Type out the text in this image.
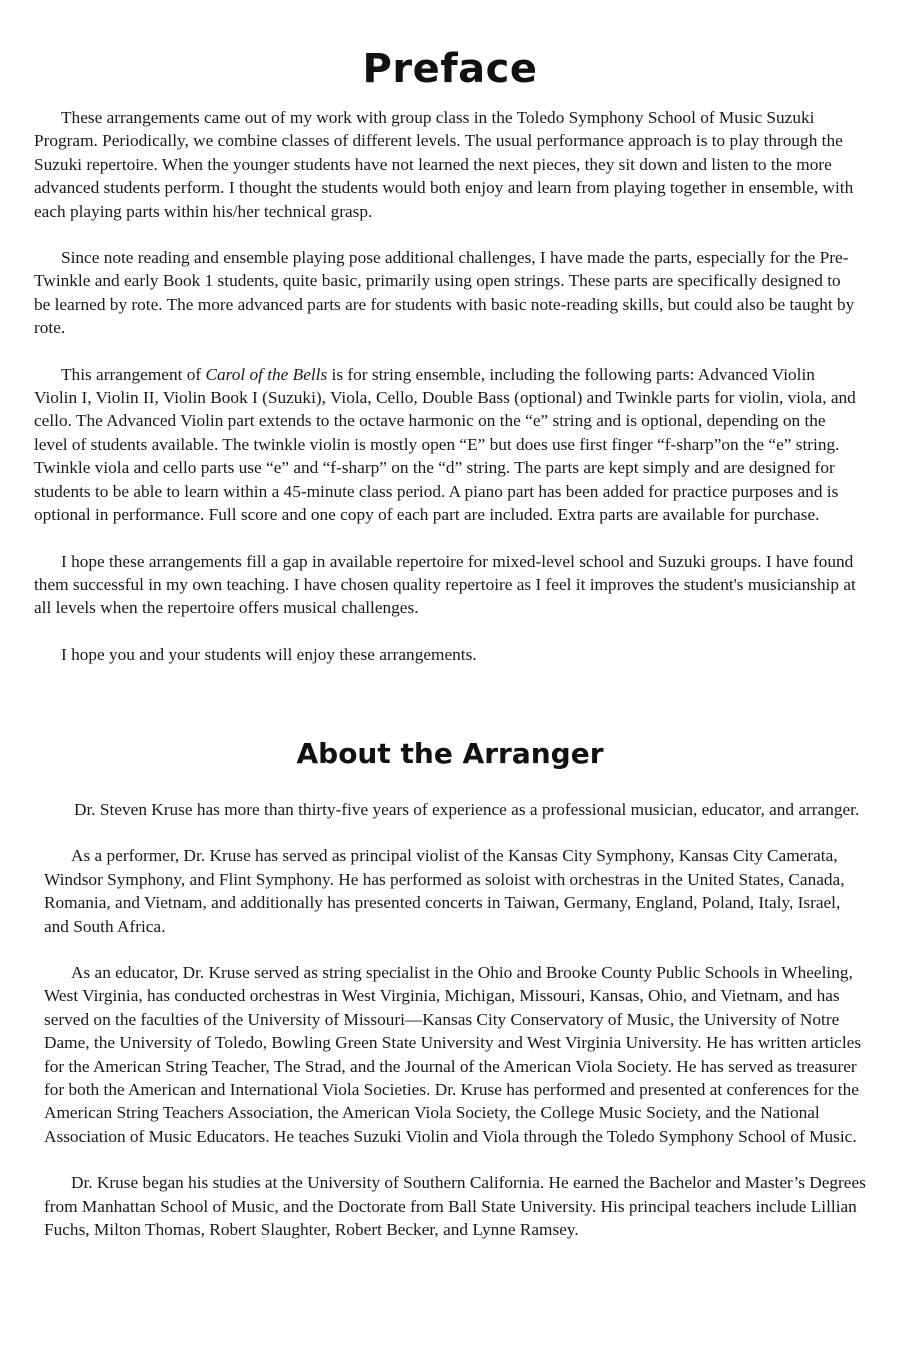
Preface

These arrangements came out of my work with group class in the Toledo Symphony School of Music Suzuki Program. Periodically, we combine classes of different levels. The usual performance approach is to play through the Suzuki repertoire. When the younger students have not learned the next pieces, they sit down and listen to the more advanced students perform. I thought the students would both enjoy and learn from playing together in ensemble, with each playing parts within his/her technical grasp.

Since note reading and ensemble playing pose additional challenges, I have made the parts, especially for the Pre-Twinkle and early Book 1 students, quite basic, primarily using open strings. These parts are specifically designed to be learned by rote. The more advanced parts are for students with basic note-reading skills, but could also be taught by rote.

This arrangement of Carol of the Bells is for string ensemble, including the following parts: Advanced Violin Violin I, Violin II, Violin Book I (Suzuki), Viola, Cello, Double Bass (optional) and Twinkle parts for violin, viola, and cello. The Advanced Violin part extends to the octave harmonic on the “e” string and is optional, depending on the level of students available. The twinkle violin is mostly open “E” but does use first finger “f-sharp”on the “e” string. Twinkle viola and cello parts use “e” and “f-sharp” on the “d” string. The parts are kept simply and are designed for students to be able to learn within a 45-minute class period. A piano part has been added for practice purposes and is optional in performance. Full score and one copy of each part are included. Extra parts are available for purchase.

I hope these arrangements fill a gap in available repertoire for mixed-level school and Suzuki groups. I have found them successful in my own teaching. I have chosen quality repertoire as I feel it improves the student's musicianship at all levels when the repertoire offers musical challenges.

I hope you and your students will enjoy these arrangements.

About the Arranger

Dr. Steven Kruse has more than thirty-five years of experience as a professional musician, educator, and arranger.

As a performer, Dr. Kruse has served as principal violist of the Kansas City Symphony, Kansas City Camerata, Windsor Symphony, and Flint Symphony. He has performed as soloist with orchestras in the United States, Canada, Romania, and Vietnam, and additionally has presented concerts in Taiwan, Germany, England, Poland, Italy, Israel, and South Africa.

As an educator, Dr. Kruse served as string specialist in the Ohio and Brooke County Public Schools in Wheeling, West Virginia, has conducted orchestras in West Virginia, Michigan, Missouri, Kansas, Ohio, and Vietnam, and has served on the faculties of the University of Missouri—Kansas City Conservatory of Music, the University of Notre Dame, the University of Toledo, Bowling Green State University and West Virginia University. He has written articles for the American String Teacher, The Strad, and the Journal of the American Viola Society. He has served as treasurer for both the American and International Viola Societies. Dr. Kruse has performed and presented at conferences for the American String Teachers Association, the American Viola Society, the College Music Society, and the National Association of Music Educators. He teaches Suzuki Violin and Viola through the Toledo Symphony School of Music.

Dr. Kruse began his studies at the University of Southern California. He earned the Bachelor and Master’s Degrees from Manhattan School of Music, and the Doctorate from Ball State University. His principal teachers include Lillian Fuchs, Milton Thomas, Robert Slaughter, Robert Becker, and Lynne Ramsey.
